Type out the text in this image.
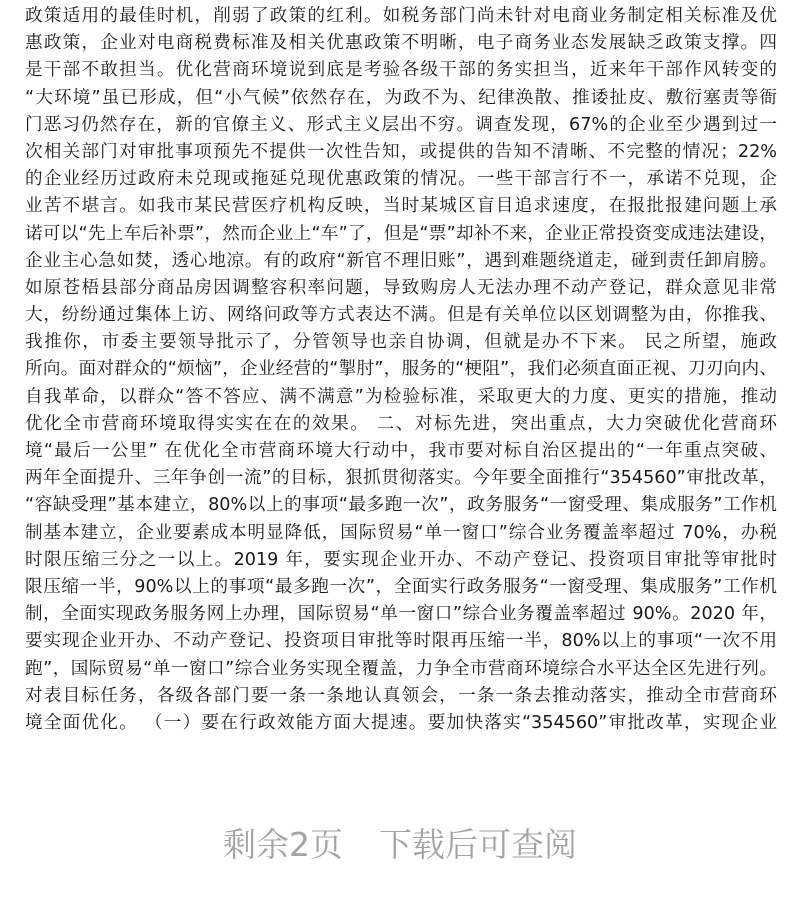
政策适用的最佳时机，削弱了政策的红利。如税务部门尚未针对电商业务制定相关标准及优
惠政策，企业对电商税费标准及相关优惠政策不明晰，电子商务业态发展缺乏政策支撑。四
是干部不敢担当。优化营商环境说到底是考验各级干部的务实担当，近来年干部作风转变的
“大环境”虽已形成，但“小气候”依然存在，为政不为、纪律涣散、推诿扯皮、敷衍塞责等衙
门恶习仍然存在，新的官僚主义、形式主义层出不穷。调查发现，67%的企业至少遇到过一
次相关部门对审批事项预先不提供一次性告知，或提供的告知不清晰、不完整的情况；22%
的企业经历过政府未兑现或拖延兑现优惠政策的情况。一些干部言行不一，承诺不兑现，企
业苦不堪言。如我市某民营医疗机构反映，当时某城区盲目追求速度，在报批报建问题上承
诺可以“先上车后补票”，然而企业上“车”了，但是“票”却补不来，企业正常投资变成违法建设，
企业主心急如焚，透心地凉。有的政府“新官不理旧账”，遇到难题绕道走，碰到责任卸肩膀。
如原苍梧县部分商品房因调整容积率问题，导致购房人无法办理不动产登记，群众意见非常
大，纷纷通过集体上访、网络问政等方式表达不满。但是有关单位以区划调整为由，你推我、
我推你，市委主要领导批示了，分管领导也亲自协调，但就是办不下来。 民之所望，施政
所向。面对群众的“烦恼”，企业经营的“掣肘”，服务的“梗阻”，我们必须直面正视、刀刃向内、
自我革命，以群众“答不答应、满不满意”为检验标准，采取更大的力度、更实的措施，推动
优化全市营商环境取得实实在在的效果。 二、对标先进，突出重点，大力突破优化营商环
境“最后一公里” 在优化全市营商环境大行动中，我市要对标自治区提出的“一年重点突破、
两年全面提升、三年争创一流”的目标，狠抓贯彻落实。今年要全面推行“354560”审批改革，
“容缺受理”基本建立，80%以上的事项“最多跑一次”，政务服务“一窗受理、集成服务”工作机
制基本建立，企业要素成本明显降低，国际贸易“单一窗口”综合业务覆盖率超过 70%，办税
时限压缩三分之一以上。2019 年，要实现企业开办、不动产登记、投资项目审批等审批时
限压缩一半，90%以上的事项“最多跑一次”，全面实行政务服务“一窗受理、集成服务”工作机
制，全面实现政务服务网上办理，国际贸易“单一窗口”综合业务覆盖率超过 90%。2020 年，
要实现企业开办、不动产登记、投资项目审批等时限再压缩一半，80%以上的事项“一次不用
跑”，国际贸易“单一窗口”综合业务实现全覆盖，力争全市营商环境综合水平达全区先进行列。
对表目标任务，各级各部门要一条一条地认真领会，一条一条去推动落实，推动全市营商环
境全面优化。 （一）要在行政效能方面大提速。要加快落实“354560”审批改革，实现企业
剩余2页 下载后可查阅
